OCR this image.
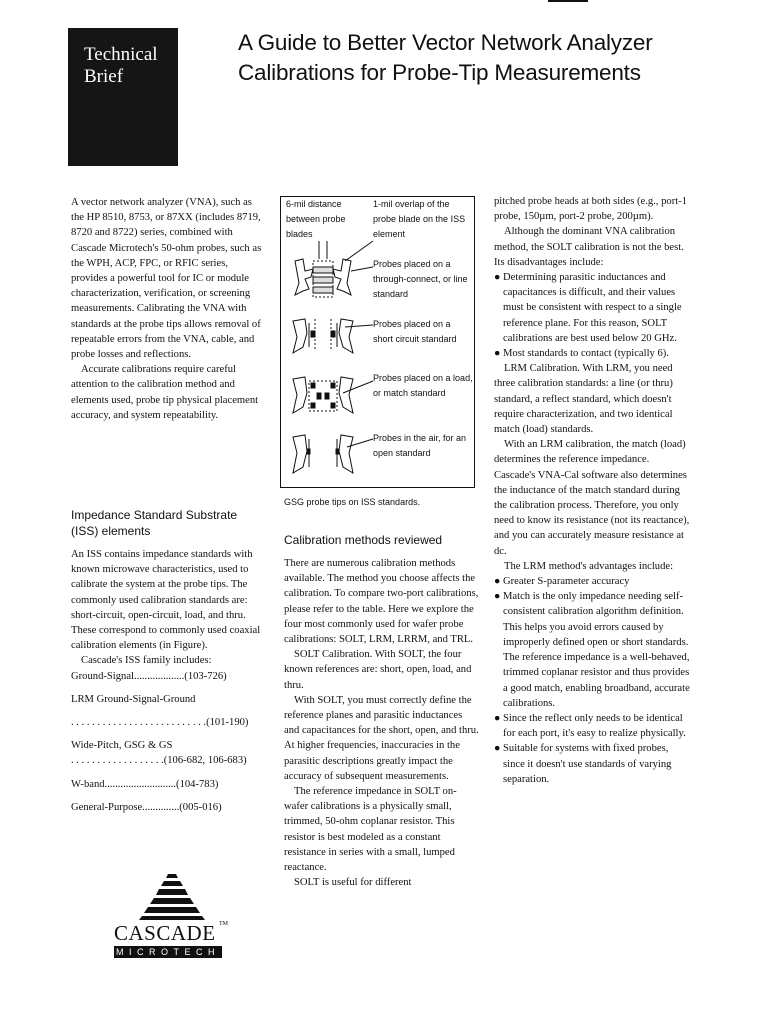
Technical
Brief
A Guide to Better Vector Network Analyzer
Calibrations for Probe-Tip Measurements

A vector network analyzer (VNA), such as the HP 8510, 8753, or 87XX (includes 8719, 8720 and 8722) series, combined with Cascade Microtech's 50-ohm probes, such as the WPH, ACP, FPC, or RFIC series, provides a powerful tool for IC or module characterization, verification, or screening measurements. Calibrating the VNA with standards at the probe tips allows removal of repeatable errors from the VNA, cable, and probe losses and reflections.

Accurate calibrations require careful attention to the calibration method and elements used, probe tip physical placement accuracy, and system repeatability.

Impedance Standard Substrate (ISS) elements

An ISS contains impedance standards with known microwave characteristics, used to calibrate the system at the probe tips. The commonly used calibration standards are: short-circuit, open-circuit, load, and thru. These correspond to commonly used coaxial calibration elements (in Figure).

Cascade's ISS family includes:

Ground-Signal...................(103-726)
LRM Ground-Signal-Ground
. . . . . . . . . . . . . . . . . . . . . . . . . .(101-190)
Wide-Pitch, GSG & GS
. . . . . . . . . . . . . . . . . .(106-682, 106-683)
W-band...........................(104-783)
General-Purpose..............(005-016)
6-mil distance between probe blades
1-mil overlap of the probe blade on the ISS element
Probes placed on a through-connect, or line standard
Probes placed on a short circuit standard
Probes placed on a load, or match standard
Probes in the air, for an open standard
GSG probe tips on ISS standards.
Calibration methods reviewed

There are numerous calibration methods available. The method you choose affects the calibration. To compare two-port calibrations, please refer to the table. Here we explore the four most commonly used for wafer probe calibrations: SOLT, LRM, LRRM, and TRL.

SOLT Calibration. With SOLT, the four known references are: short, open, load, and thru.

With SOLT, you must correctly define the reference planes and parasitic inductances and capacitances for the short, open, and thru. At higher frequencies, inaccuracies in the parasitic descriptions greatly impact the accuracy of subsequent measurements.

The reference impedance in SOLT on-wafer calibrations is a physically small, trimmed, 50-ohm coplanar resistor. This resistor is best modeled as a constant resistance in series with a small, lumped reactance.

SOLT is useful for different

pitched probe heads at both sides (e.g., port-1 probe, 150µm, port-2 probe, 200µm).

Although the dominant VNA calibration method, the SOLT calibration is not the best. Its disadvantages include:

● Determining parasitic inductances and capacitances is difficult, and their values must be consistent with respect to a single reference plane. For this reason, SOLT calibrations are best used below 20 GHz.
● Most standards to contact (typically 6).

LRM Calibration. With LRM, you need three calibration standards: a line (or thru) standard, a reflect standard, which doesn't require characterization, and two identical match (load) standards.

With an LRM calibration, the match (load) determines the reference impedance. Cascade's VNA-Cal software also determines the inductance of the match standard during the calibration process. Therefore, you only need to know its resistance (not its reactance), and you can accurately measure resistance at dc.

The LRM method's advantages include:

● Greater S-parameter accuracy
● Match is the only impedance needing self-consistent calibration algorithm definition. This helps you avoid errors caused by improperly defined open or short standards. The reference impedance is a well-behaved, trimmed coplanar resistor and thus provides a good match, enabling broadband, accurate calibrations.
● Since the reflect only needs to be identical for each port, it's easy to realize physically.
● Suitable for systems with fixed probes, since it doesn't use standards of varying separation.
CASCADE TM
MICROTECH
